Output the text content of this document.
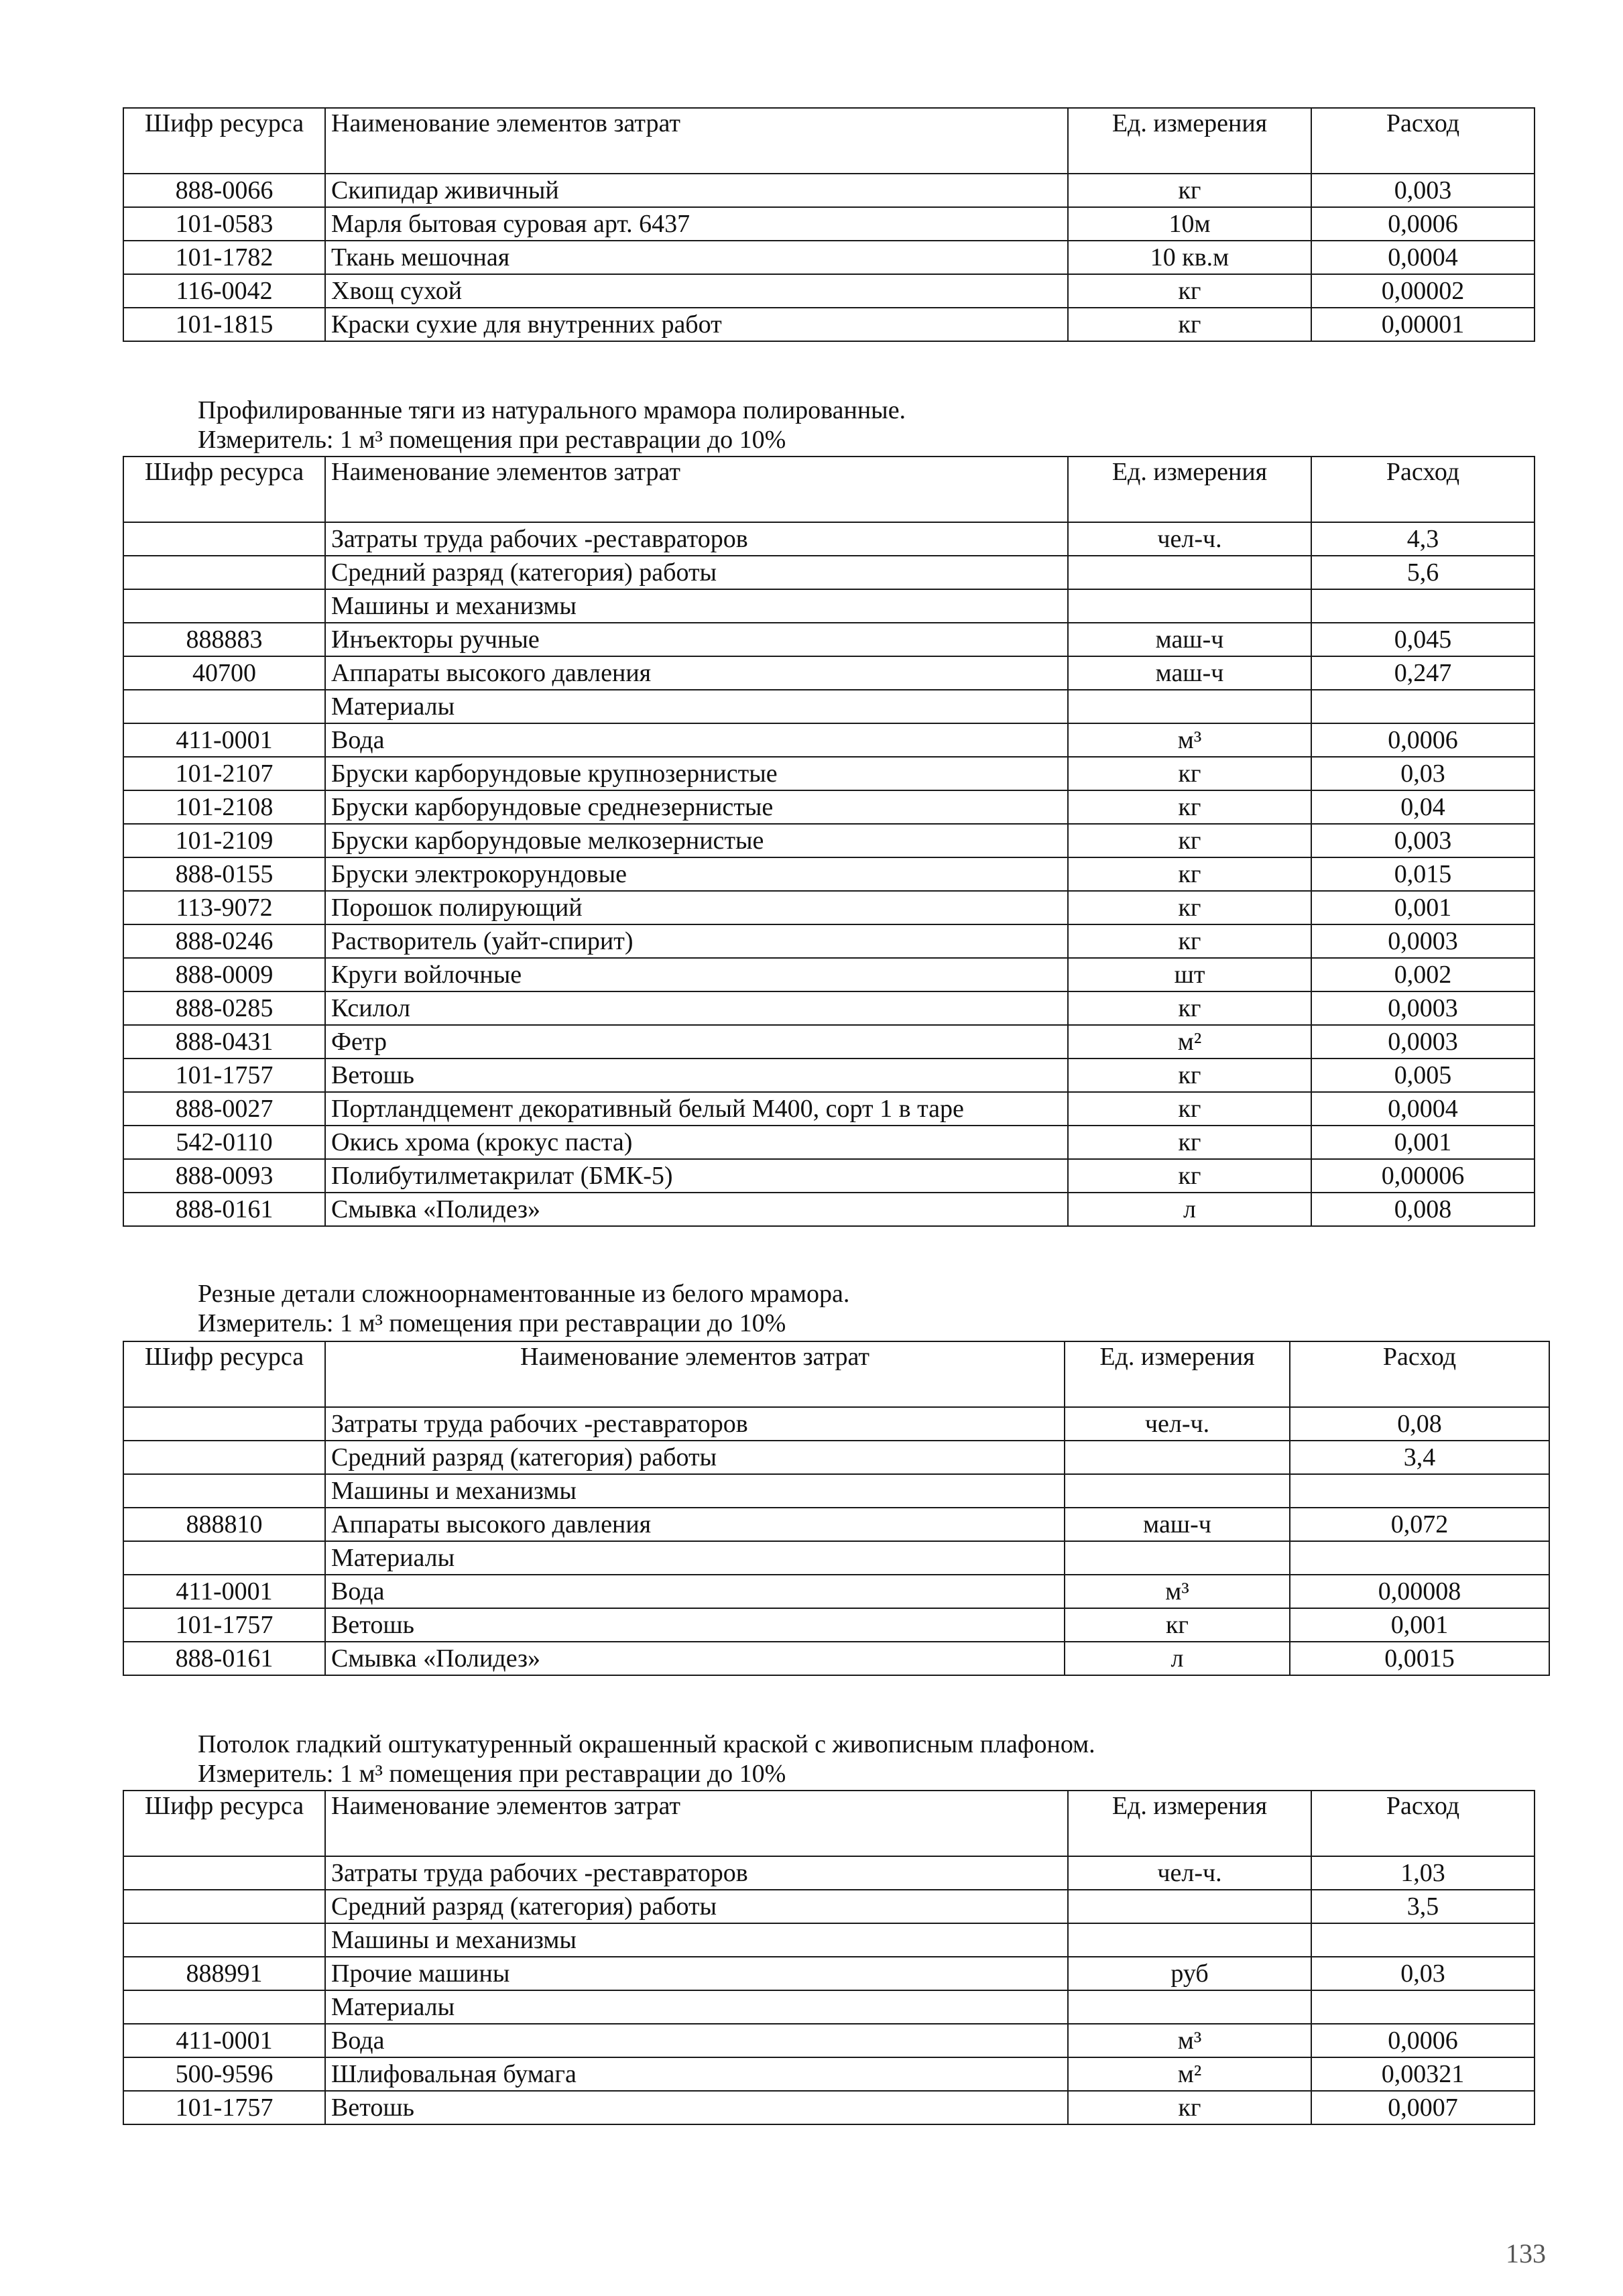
Шифр ресурса	Наименование элементов затрат	Ед. измерения	Расход
888-0066	Скипидар живичный	кг	0,003
101-0583	Марля бытовая суровая арт. 6437	10м	0,0006
101-1782	Ткань мешочная	10 кв.м	0,0004
116-0042	Хвощ сухой	кг	0,00002
101-1815	Краски сухие для внутренних работ	кг	0,00001
Профилированные тяги из натурального мрамора полированные.
Измеритель: 1 м³ помещения при реставрации до 10%
Шифр ресурса	Наименование элементов затрат	Ед. измерения	Расход
	Затраты труда рабочих -реставраторов	чел-ч.	4,3
	Средний разряд (категория) работы		5,6
	Машины и механизмы		
888883	Инъекторы ручные	маш-ч	0,045
40700	Аппараты высокого давления	маш-ч	0,247
	Материалы		
411-0001	Вода	м³	0,0006
101-2107	Бруски карборундовые крупнозернистые	кг	0,03
101-2108	Бруски карборундовые среднезернистые	кг	0,04
101-2109	Бруски карборундовые мелкозернистые	кг	0,003
888-0155	Бруски электрокорундовые	кг	0,015
113-9072	Порошок полирующий	кг	0,001
888-0246	Растворитель (уайт-спирит)	кг	0,0003
888-0009	Круги войлочные	шт	0,002
888-0285	Ксилол	кг	0,0003
888-0431	Фетр	м²	0,0003
101-1757	Ветошь	кг	0,005
888-0027	Портландцемент декоративный белый М400, сорт 1 в таре	кг	0,0004
542-0110	Окись хрома (крокус паста)	кг	0,001
888-0093	Полибутилметакрилат (БМК-5)	кг	0,00006
888-0161	Смывка «Полидез»	л	0,008
Резные детали сложноорнаментованные из белого мрамора.
Измеритель: 1 м³ помещения при реставрации до 10%
Шифр ресурса	Наименование элементов затрат	Ед. измерения	Расход
	Затраты труда рабочих -реставраторов	чел-ч.	0,08
	Средний разряд (категория) работы		3,4
	Машины и механизмы		
888810	Аппараты высокого давления	маш-ч	0,072
	Материалы		
411-0001	Вода	м³	0,00008
101-1757	Ветошь	кг	0,001
888-0161	Смывка «Полидез»	л	0,0015
Потолок гладкий оштукатуренный окрашенный краской с живописным плафоном.
Измеритель: 1 м³ помещения при реставрации до 10%
Шифр ресурса	Наименование элементов затрат	Ед. измерения	Расход
	Затраты труда рабочих -реставраторов	чел-ч.	1,03
	Средний разряд (категория) работы		3,5
	Машины и механизмы		
888991	Прочие машины	руб	0,03
	Материалы		
411-0001	Вода	м³	0,0006
500-9596	Шлифовальная бумага	м²	0,00321
101-1757	Ветошь	кг	0,0007
133
